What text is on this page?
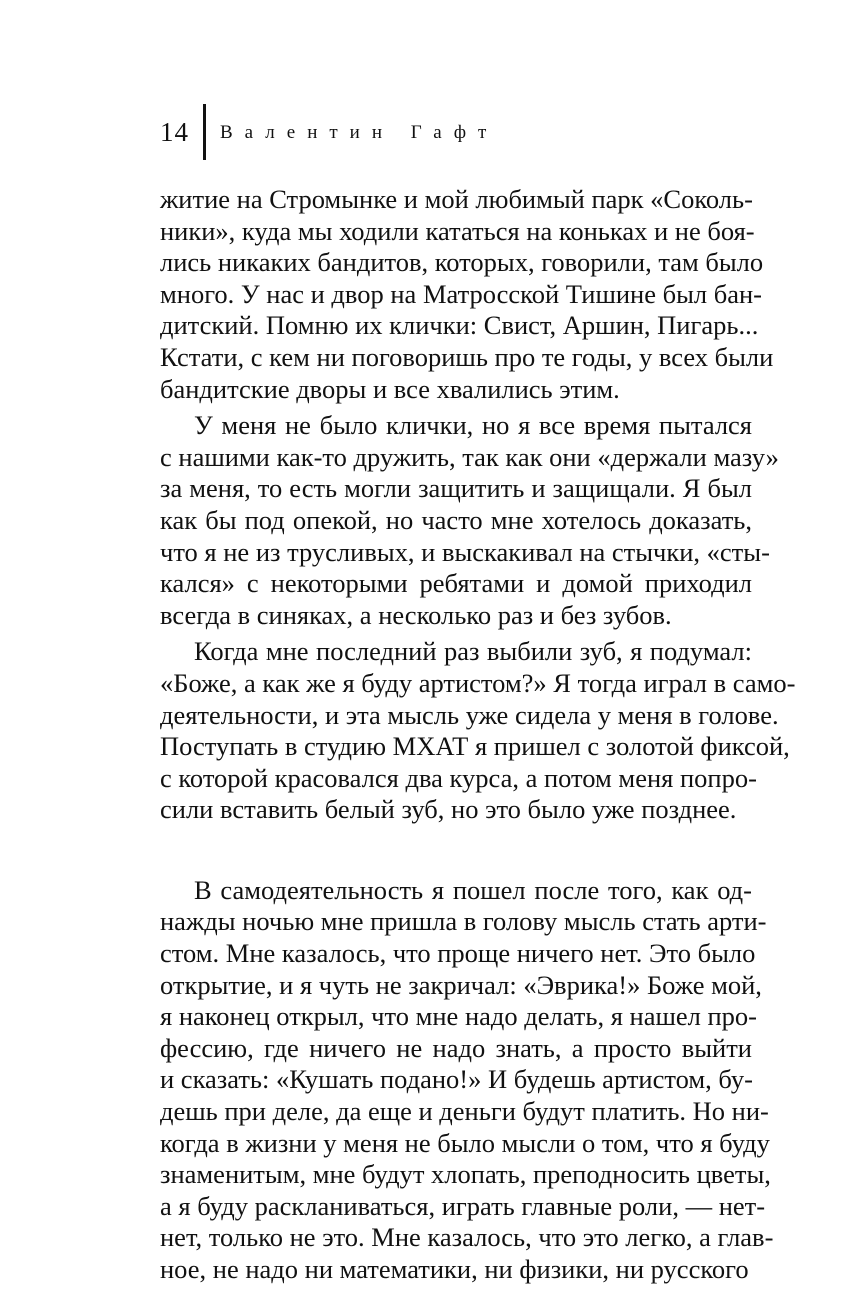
14 Валентин Гафт
житие на Стромынке и мой любимый парк «Соколь-
ники», куда мы ходили кататься на коньках и не боя-
лись никаких бандитов, которых, говорили, там было
много. У нас и двор на Матросской Тишине был бан-
дитский. Помню их клички: Свист, Аршин, Пигарь...
Кстати, с кем ни поговоришь про те годы, у всех были
бандитские дворы и все хвалились этим.
У меня не было клички, но я все время пытался
с нашими как-то дружить, так как они «держали мазу»
за меня, то есть могли защитить и защищали. Я был
как бы под опекой, но часто мне хотелось доказать,
что я не из трусливых, и выскакивал на стычки, «сты-
кался» с некоторыми ребятами и домой приходил
всегда в синяках, а несколько раз и без зубов.
Когда мне последний раз выбили зуб, я подумал:
«Боже, а как же я буду артистом?» Я тогда играл в само-
деятельности, и эта мысль уже сидела у меня в голове.
Поступать в студию МХАТ я пришел с золотой фиксой,
с которой красовался два курса, а потом меня попро-
сили вставить белый зуб, но это было уже позднее.
В самодеятельность я пошел после того, как од-
нажды ночью мне пришла в голову мысль стать арти-
стом. Мне казалось, что проще ничего нет. Это было
открытие, и я чуть не закричал: «Эврика!» Боже мой,
я наконец открыл, что мне надо делать, я нашел про-
фессию, где ничего не надо знать, а просто выйти
и сказать: «Кушать подано!» И будешь артистом, бу-
дешь при деле, да еще и деньги будут платить. Но ни-
когда в жизни у меня не было мысли о том, что я буду
знаменитым, мне будут хлопать, преподносить цветы,
а я буду раскланиваться, играть главные роли, — нет-
нет, только не это. Мне казалось, что это легко, а глав-
ное, не надо ни математики, ни физики, ни русского
